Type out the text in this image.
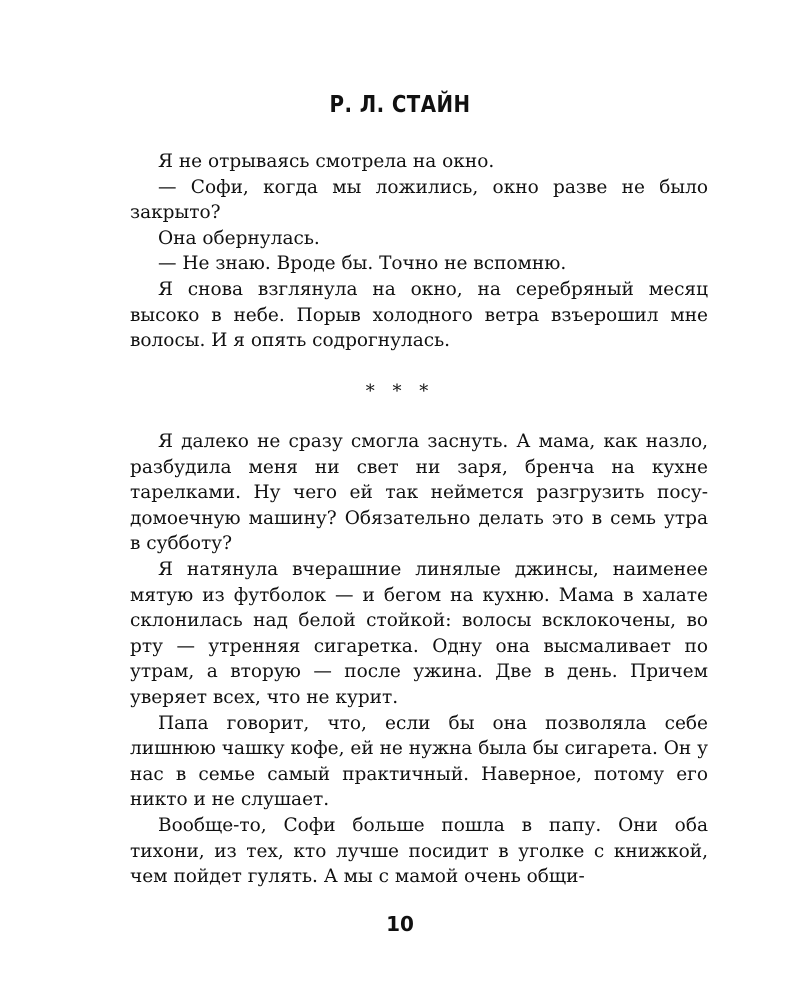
Р. Л. СТАЙН

Я не отрываясь смотрела на окно.

— Софи, когда мы ложились, окно разве не было закрыто?

Она обернулась.

— Не знаю. Вроде бы. Точно не вспомню.

Я снова взглянула на окно, на серебряный месяц высоко в небе. Порыв холодного ветра взъерошил мне волосы. И я опять содрогнулась.

* * *

Я далеко не сразу смогла заснуть. А мама, как назло, разбудила меня ни свет ни заря, бренча на кухне тарелками. Ну чего ей так неймется разгрузить посудомоечную машину? Обязательно делать это в семь утра в субботу?

Я натянула вчерашние линялые джинсы, наименее мятую из футболок — и бегом на кухню. Мама в халате склонилась над белой стойкой: волосы всклокочены, во рту — утренняя сигаретка. Одну она высмаливает по утрам, а вторую — после ужина. Две в день. Причем уверяет всех, что не курит.

Папа говорит, что, если бы она позволяла себе лишнюю чашку кофе, ей не нужна была бы сигарета. Он у нас в семье самый практичный. Наверное, потому его никто и не слушает.

Вообще-то, Софи больше пошла в папу. Они оба тихони, из тех, кто лучше посидит в уголке с книжкой, чем пойдет гулять. А мы с мамой очень общи-

10
